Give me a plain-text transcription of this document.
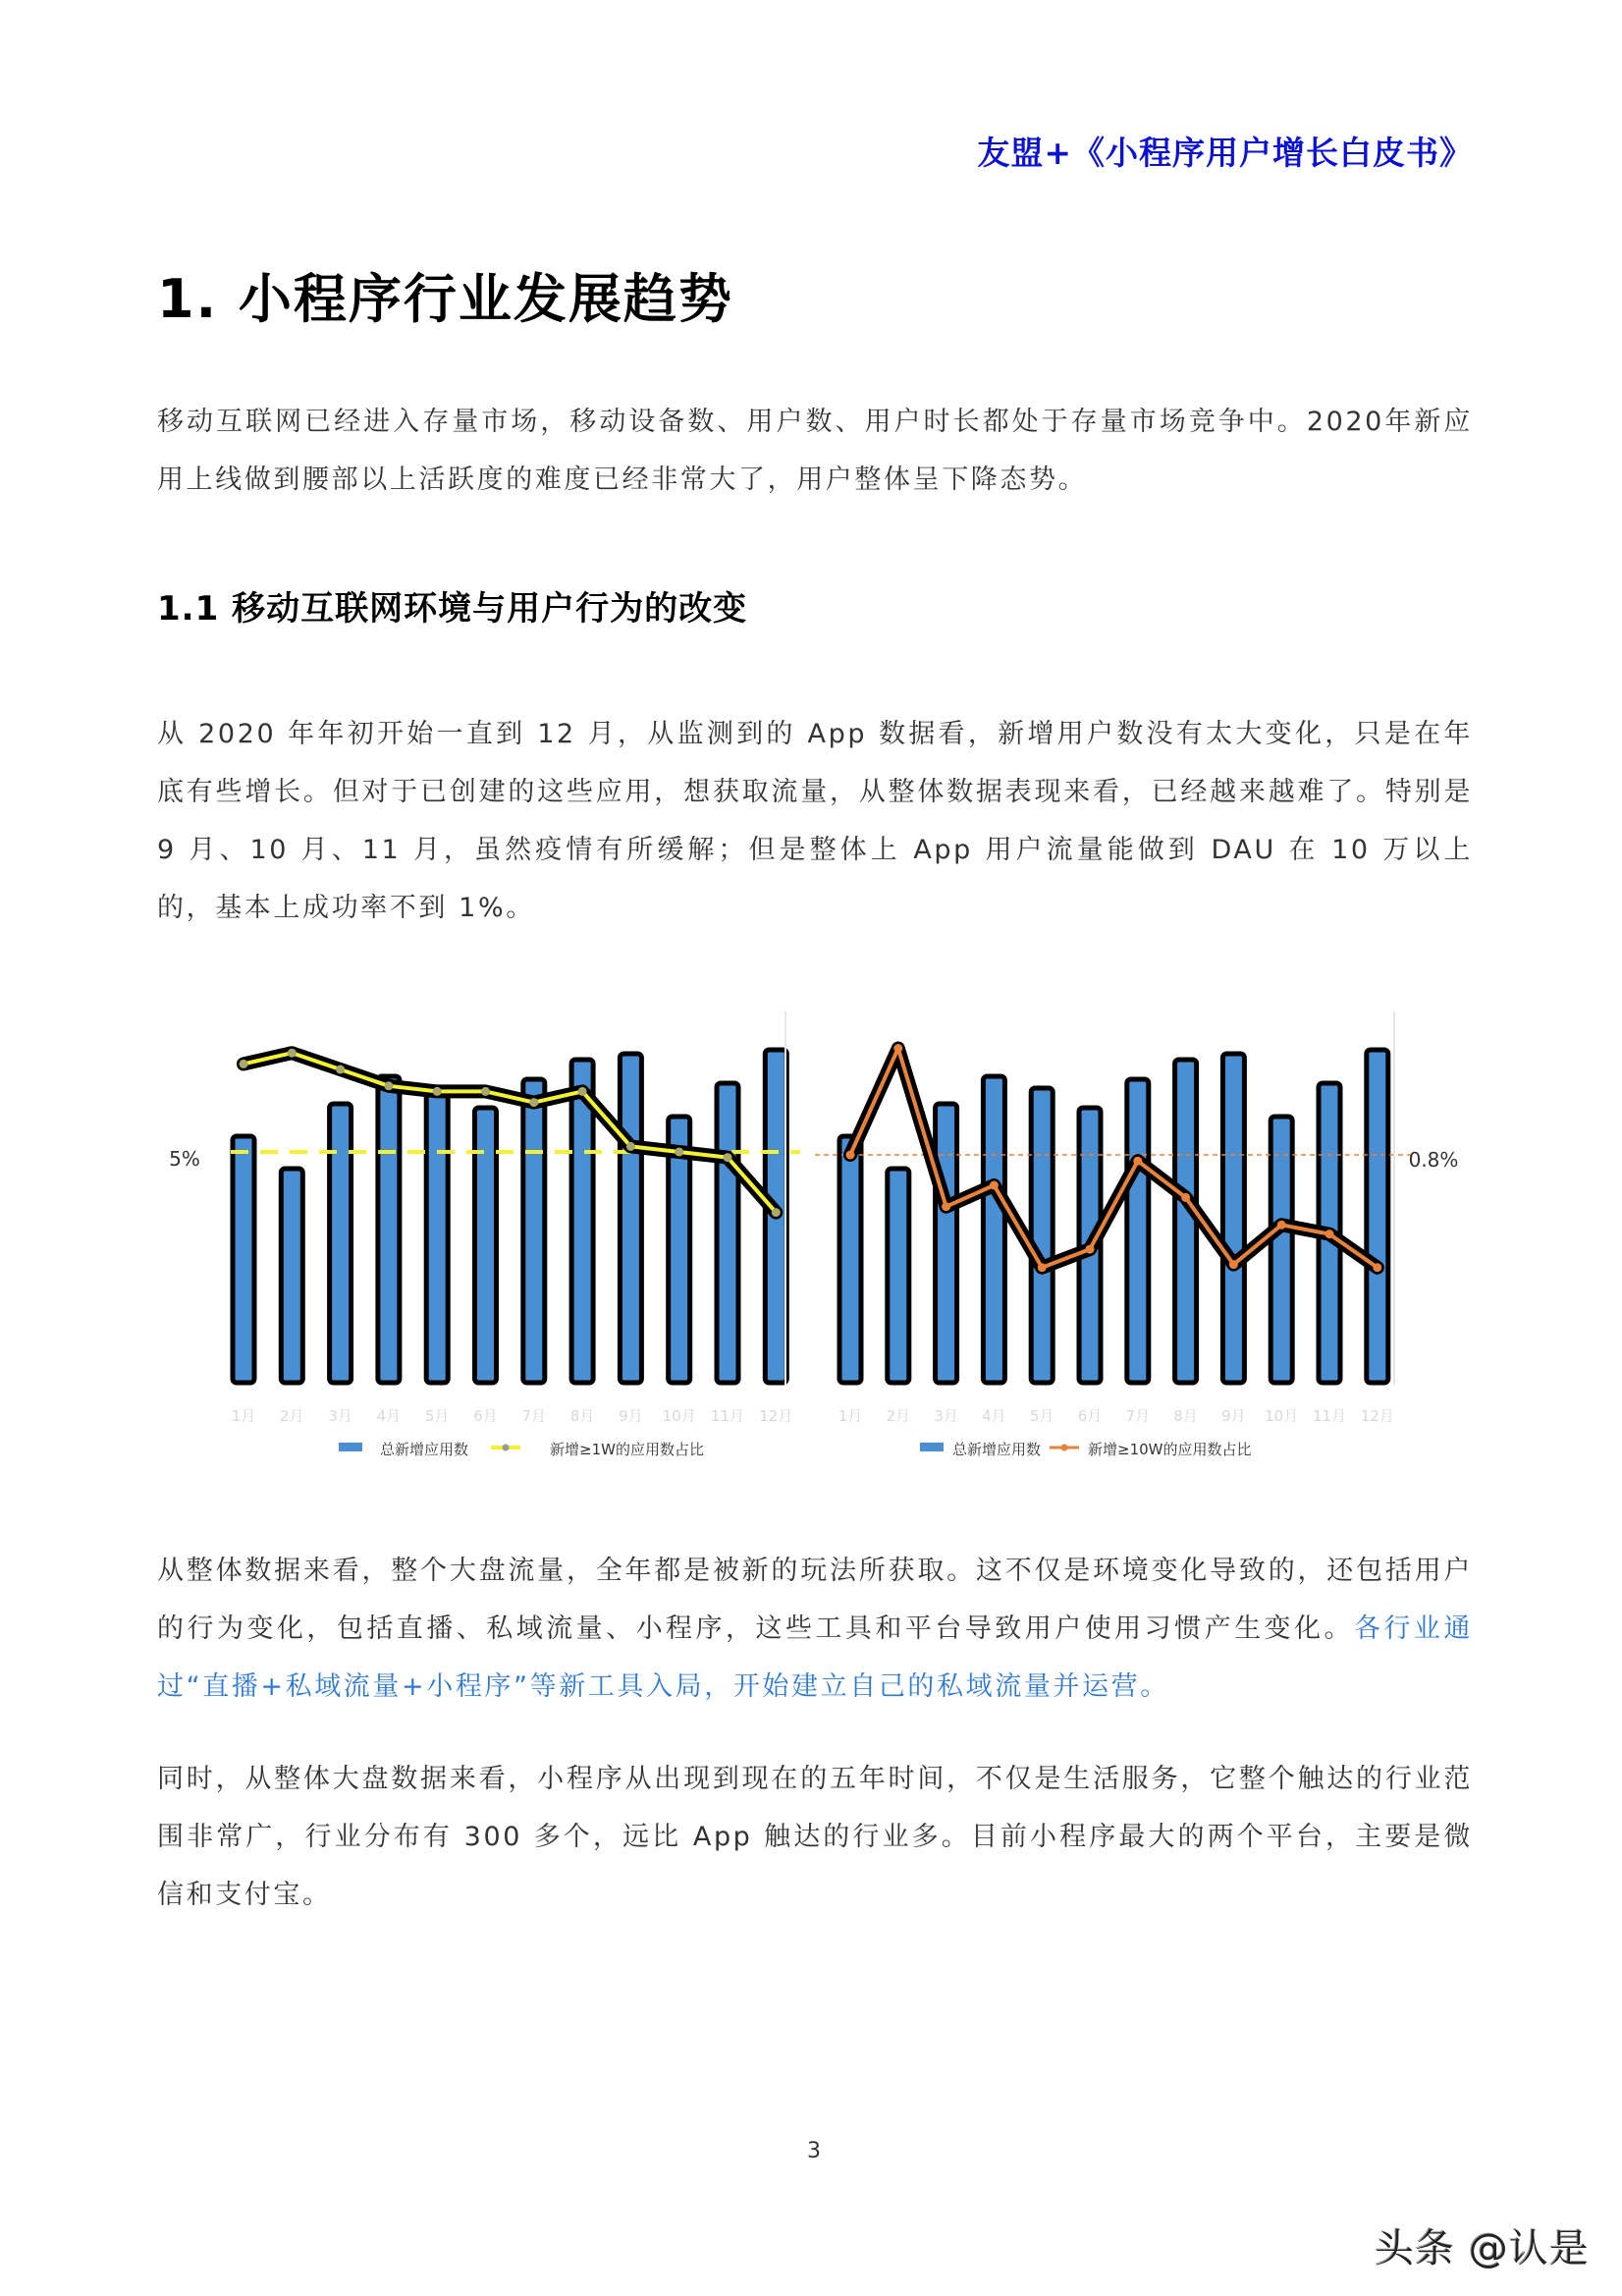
友盟+《小程序用户增长白皮书》
1. 小程序行业发展趋势
移动互联网已经进入存量市场，移动设备数、用户数、用户时长都处于存量市场竞争中。2020年新应用上线做到腰部以上活跃度的难度已经非常大了，用户整体呈下降态势。
1.1 移动互联网环境与用户行为的改变
从 2020 年年初开始一直到 12 月，从监测到的 App 数据看，新增用户数没有太大变化，只是在年底有些增长。但对于已创建的这些应用，想获取流量，从整体数据表现来看，已经越来越难了。特别是 9 月、10 月、11 月，虽然疫情有所缓解；但是整体上 App 用户流量能做到 DAU 在 10 万以上的，基本上成功率不到 1%。
5%
1月 2月 3月 4月 5月 6月 7月 8月 9月 10月 11月 12月
总新增应用数	新增≥1W的应用数占比
0.8%
1月 2月 3月 4月 5月 6月 7月 8月 9月 10月 11月 12月
总新增应用数	新增≥10W的应用数占比
从整体数据来看，整个大盘流量，全年都是被新的玩法所获取。这不仅是环境变化导致的，还包括用户的行为变化，包括直播、私域流量、小程序，这些工具和平台导致用户使用习惯产生变化。各行业通过“直播+私域流量+小程序”等新工具入局，开始建立自己的私域流量并运营。
同时，从整体大盘数据来看，小程序从出现到现在的五年时间，不仅是生活服务，它整个触达的行业范围非常广，行业分布有 300 多个，远比 App 触达的行业多。目前小程序最大的两个平台，主要是微信和支付宝。
3
头条 @认是
